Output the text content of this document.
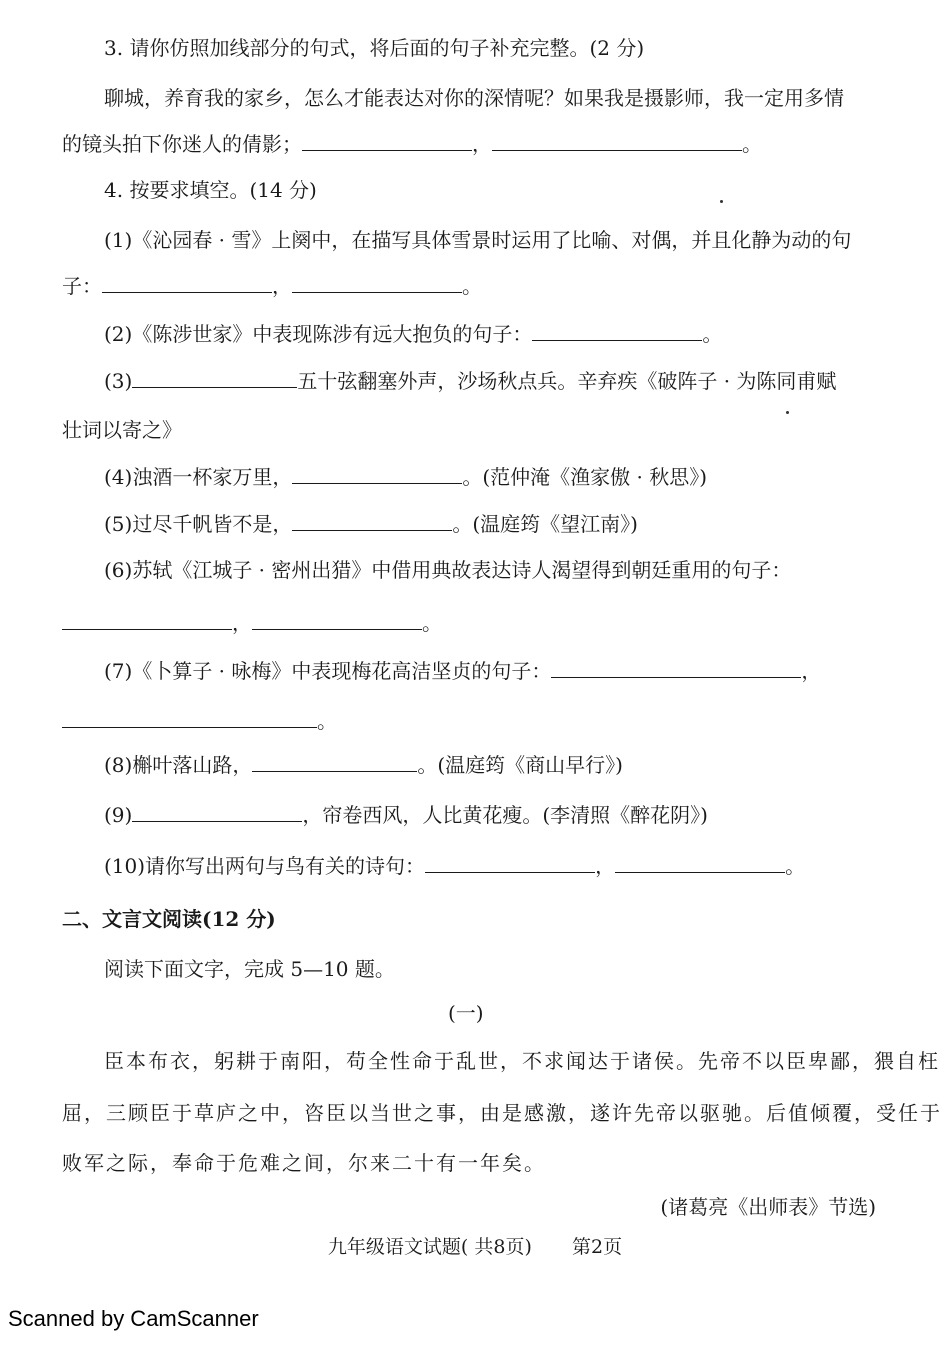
3. 请你仿照加线部分的句式，将后面的句子补充完整。(2 分)
聊城，养育我的家乡，怎么才能表达对你的深情呢？如果我是摄影师，我一定用多情
的镜头拍下你迷人的倩影；	，	。
4. 按要求填空。(14 分)
(1)《沁园春 · 雪》上阕中，在描写具体雪景时运用了比喻、对偶，并且化静为动的句
子：	，	。
(2)《陈涉世家》中表现陈涉有远大抱负的句子：	。
(3)	五十弦翻塞外声，沙场秋点兵。辛弃疾《破阵子 · 为陈同甫赋
壮词以寄之》
(4)浊酒一杯家万里，	。(范仲淹《渔家傲 · 秋思》)
(5)过尽千帆皆不是，	。(温庭筠《望江南》)
(6)苏轼《江城子 · 密州出猎》中借用典故表达诗人渴望得到朝廷重用的句子：
，	。
(7)《卜算子 · 咏梅》中表现梅花高洁坚贞的句子：	，
。
(8)槲叶落山路，	。(温庭筠《商山早行》)
(9)	，帘卷西风，人比黄花瘦。(李清照《醉花阴》)
(10)请你写出两句与鸟有关的诗句：	，	。
二、文言文阅读(12 分)
阅读下面文字，完成 5—10 题。
(一)
臣本布衣，躬耕于南阳，苟全性命于乱世，不求闻达于诸侯。先帝不以臣卑鄙，猥自枉
屈，三顾臣于草庐之中，咨臣以当世之事，由是感激，遂许先帝以驱驰。后值倾覆，受任于
败军之际，奉命于危难之间，尔来二十有一年矣。
(诸葛亮《出师表》节选)
九年级语文试题( 共8页) 第2页
Scanned by CamScanner
